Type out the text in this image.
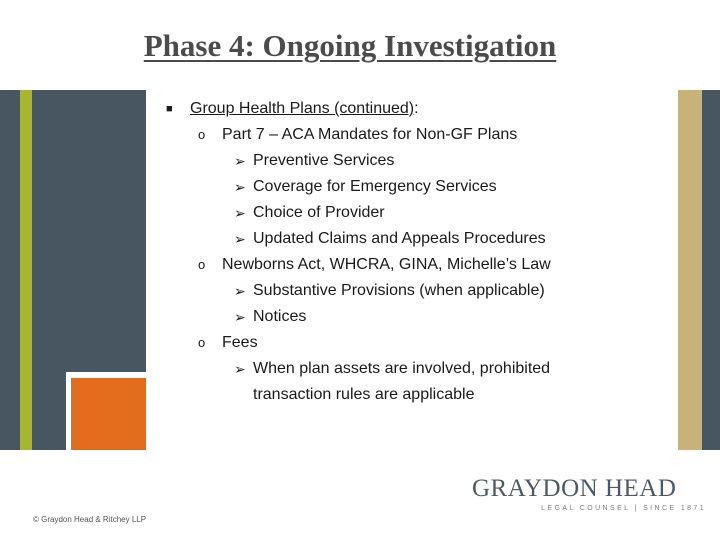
Phase 4: Ongoing Investigation
■ Group Health Plans (continued):
o Part 7 – ACA Mandates for Non-GF Plans
➢ Preventive Services
➢ Coverage for Emergency Services
➢ Choice of Provider
➢ Updated Claims and Appeals Procedures
o Newborns Act, WHCRA, GINA, Michelle’s Law
➢ Substantive Provisions (when applicable)
➢ Notices
o Fees
➢ When plan assets are involved, prohibited
transaction rules are applicable
GRAYDON HEAD
LEGAL COUNSEL | SINCE 1871
© Graydon Head & Ritchey LLP
